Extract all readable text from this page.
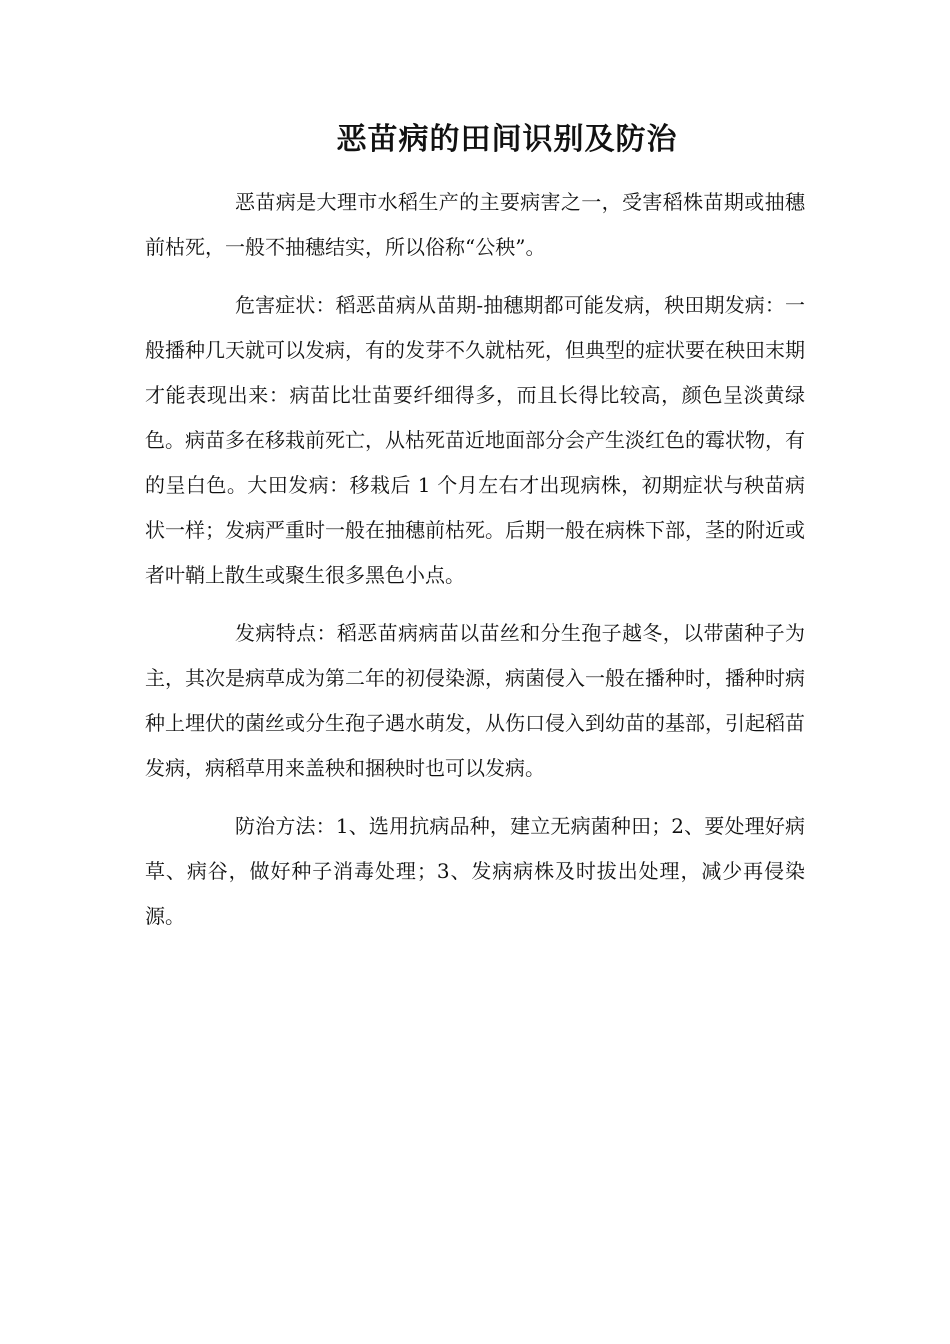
恶苗病的田间识别及防治

恶苗病是大理市水稻生产的主要病害之一，受害稻株苗期或抽穗前枯死，一般不抽穗结实，所以俗称“公秧”。

危害症状：稻恶苗病从苗期-抽穗期都可能发病，秧田期发病：一般播种几天就可以发病，有的发芽不久就枯死，但典型的症状要在秧田末期才能表现出来：病苗比壮苗要纤细得多，而且长得比较高，颜色呈淡黄绿色。病苗多在移栽前死亡，从枯死苗近地面部分会产生淡红色的霉状物，有的呈白色。大田发病：移栽后 1 个月左右才出现病株，初期症状与秧苗病状一样；发病严重时一般在抽穗前枯死。后期一般在病株下部，茎的附近或者叶鞘上散生或聚生很多黑色小点。

发病特点：稻恶苗病病苗以苗丝和分生孢子越冬，以带菌种子为主，其次是病草成为第二年的初侵染源，病菌侵入一般在播种时，播种时病种上埋伏的菌丝或分生孢子遇水萌发，从伤口侵入到幼苗的基部，引起稻苗发病，病稻草用来盖秧和捆秧时也可以发病。

防治方法：1、选用抗病品种，建立无病菌种田；2、要处理好病草、病谷，做好种子消毒处理；3、发病病株及时拔出处理，减少再侵染源。
